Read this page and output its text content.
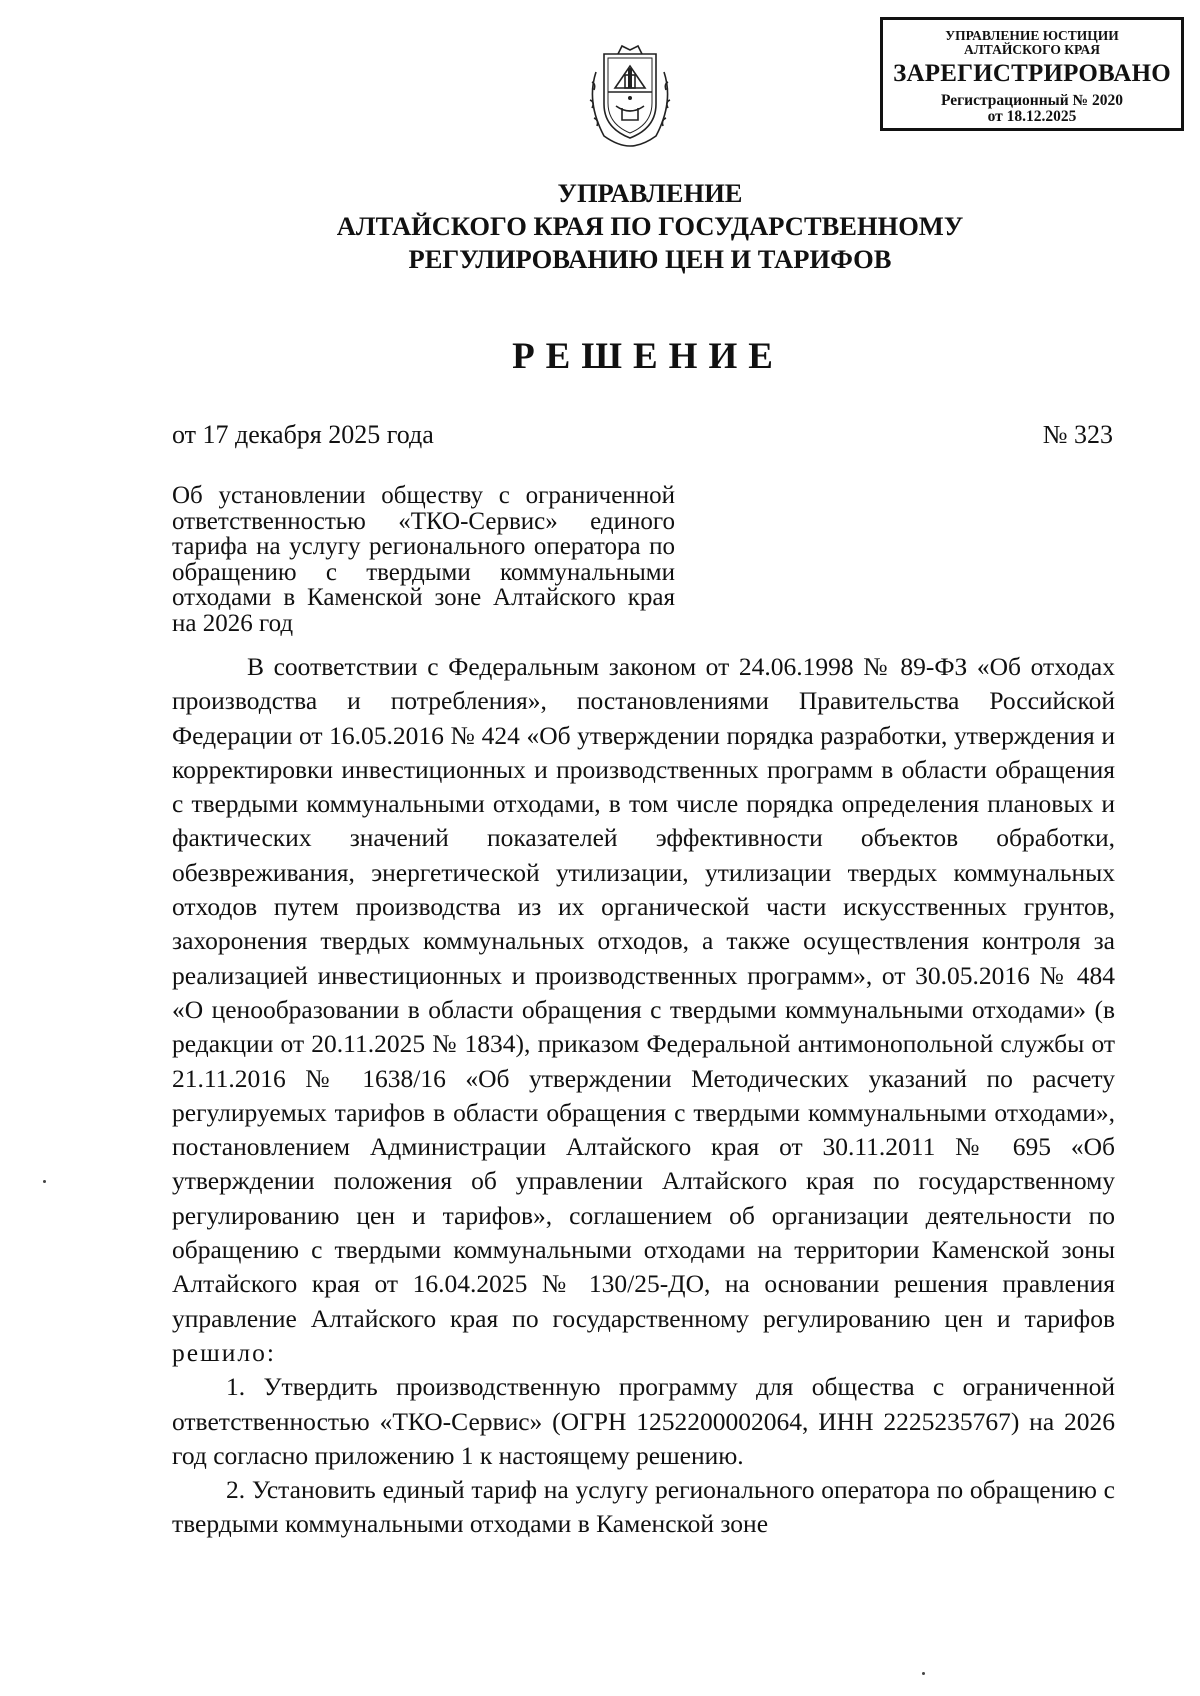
УПРАВЛЕНИЕ ЮСТИЦИИ
АЛТАЙСКОГО КРАЯ
ЗАРЕГИСТРИРОВАНО
Регистрационный № 2020
от 18.12.2025
УПРАВЛЕНИЕ
АЛТАЙСКОГО КРАЯ ПО ГОСУДАРСТВЕННОМУ
РЕГУЛИРОВАНИЮ ЦЕН И ТАРИФОВ
РЕШЕНИЕ
от 17 декабря 2025 года	№ 323
Об установлении обществу с ограниченной ответственностью «ТКО-Сервис» единого тарифа на услугу регионального оператора по обращению с твердыми коммунальными отходами в Каменской зоне Алтайского края на 2026 год

В соответствии с Федеральным законом от 24.06.1998 № 89-ФЗ «Об отходах производства и потребления», постановлениями Правительства Российской Федерации от 16.05.2016 № 424 «Об утверждении порядка разработки, утверждения и корректировки инвестиционных и производственных программ в области обращения с твердыми коммунальными отходами, в том числе порядка определения плановых и фактических значений показателей эффективности объектов обработки, обезвреживания, энергетической утилизации, утилизации твердых коммунальных отходов путем производства из их органической части искусственных грунтов, захоронения твердых коммунальных отходов, а также осуществления контроля за реализацией инвестиционных и производственных программ», от 30.05.2016 № 484 «О ценообразовании в области обращения с твердыми коммунальными отходами» (в редакции от 20.11.2025 № 1834), приказом Федеральной антимонопольной службы от 21.11.2016 № 1638/16 «Об утверждении Методических указаний по расчету регулируемых тарифов в области обращения с твердыми коммунальными отходами», постановлением Администрации Алтайского края от 30.11.2011 № 695 «Об утверждении положения об управлении Алтайского края по государственному регулированию цен и тарифов», соглашением об организации деятельности по обращению с твердыми коммунальными отходами на территории Каменской зоны Алтайского края от 16.04.2025 № 130/25-ДО, на основании решения правления управление Алтайского края по государственному регулированию цен и тарифов решило:

1. Утвердить производственную программу для общества с ограниченной ответственностью «ТКО-Сервис» (ОГРН 1252200002064, ИНН 2225235767) на 2026 год согласно приложению 1 к настоящему решению.

2. Установить единый тариф на услугу регионального оператора по обращению с твердыми коммунальными отходами в Каменской зоне
